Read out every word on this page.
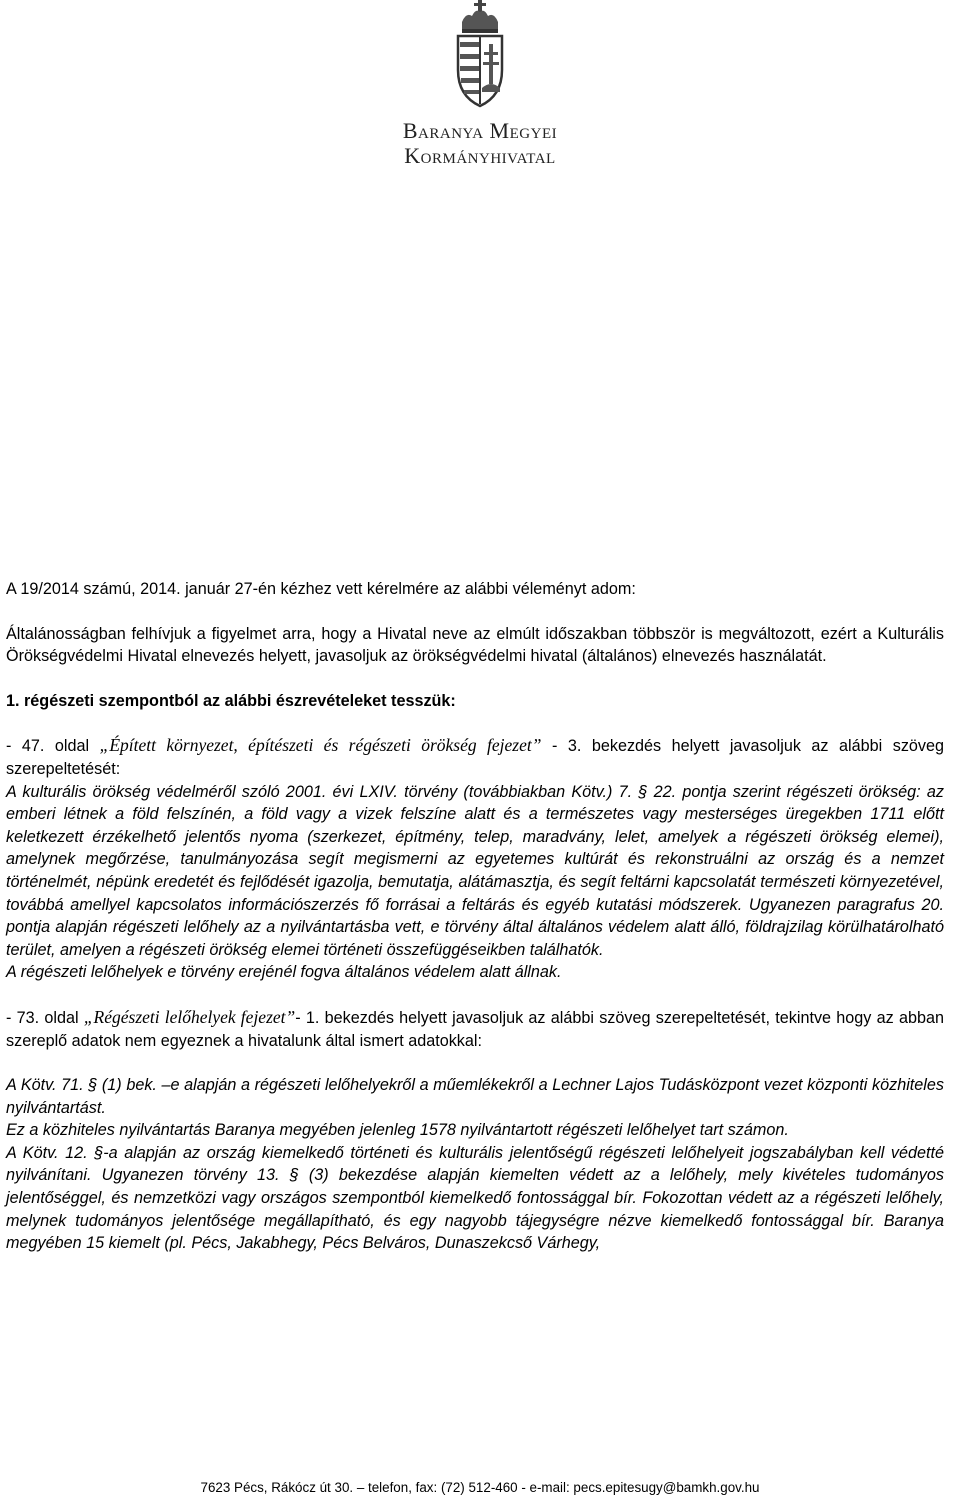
Baranya Megyei
Kormányhivatal

A 19/2014 számú, 2014. január 27-én kézhez vett kérelmére az alábbi véleményt adom:

Általánosságban felhívjuk a figyelmet arra, hogy a Hivatal neve az elmúlt időszakban többször is megváltozott, ezért a Kulturális Örökségvédelmi Hivatal elnevezés helyett, javasoljuk az örökségvédelmi hivatal (általános) elnevezés használatát.

1. régészeti szempontból az alábbi észrevételeket tesszük:

- 47. oldal „Épített környezet, építészeti és régészeti örökség fejezet” - 3. bekezdés helyett javasoljuk az alábbi szöveg szerepeltetését:

A kulturális örökség védelméről szóló 2001. évi LXIV. törvény (továbbiakban Kötv.) 7. § 22. pontja szerint régészeti örökség: az emberi létnek a föld felszínén, a föld vagy a vizek felszíne alatt és a természetes vagy mesterséges üregekben 1711 előtt keletkezett érzékelhető jelentős nyoma (szerkezet, építmény, telep, maradvány, lelet, amelyek a régészeti örökség elemei), amelynek megőrzése, tanulmányozása segít megismerni az egyetemes kultúrát és rekonstruálni az ország és a nemzet történelmét, népünk eredetét és fejlődését igazolja, bemutatja, alátámasztja, és segít feltárni kapcsolatát természeti környezetével, továbbá amellyel kapcsolatos információszerzés fő forrásai a feltárás és egyéb kutatási módszerek. Ugyanezen paragrafus 20. pontja alapján régészeti lelőhely az a nyilvántartásba vett, e törvény által általános védelem alatt álló, földrajzilag körülhatárolható terület, amelyen a régészeti örökség elemei történeti összefüggéseikben találhatók.

A régészeti lelőhelyek e törvény erejénél fogva általános védelem alatt állnak.

- 73. oldal „Régészeti lelőhelyek fejezet”- 1. bekezdés helyett javasoljuk az alábbi szöveg szerepeltetését, tekintve hogy az abban szereplő adatok nem egyeznek a hivatalunk által ismert adatokkal:

A Kötv. 71. § (1) bek. –e alapján a régészeti lelőhelyekről a műemlékekről a Lechner Lajos Tudásközpont vezet központi közhiteles nyilvántartást.

Ez a közhiteles nyilvántartás Baranya megyében jelenleg 1578 nyilvántartott régészeti lelőhelyet tart számon.

A Kötv. 12. §-a alapján az ország kiemelkedő történeti és kulturális jelentőségű régészeti lelőhelyeit jogszabályban kell védetté nyilvánítani. Ugyanezen törvény 13. § (3) bekezdése alapján kiemelten védett az a lelőhely, mely kivételes tudományos jelentőséggel, és nemzetközi vagy országos szempontból kiemelkedő fontossággal bír. Fokozottan védett az a régészeti lelőhely, melynek tudományos jelentősége megállapítható, és egy nagyobb tájegységre nézve kiemelkedő fontossággal bír. Baranya megyében 15 kiemelt (pl. Pécs, Jakabhegy, Pécs Belváros, Dunaszekcső Várhegy,

7623 Pécs, Rákócz út 30. – telefon, fax: (72) 512-460 - e-mail: pecs.epitesugy@bamkh.gov.hu
